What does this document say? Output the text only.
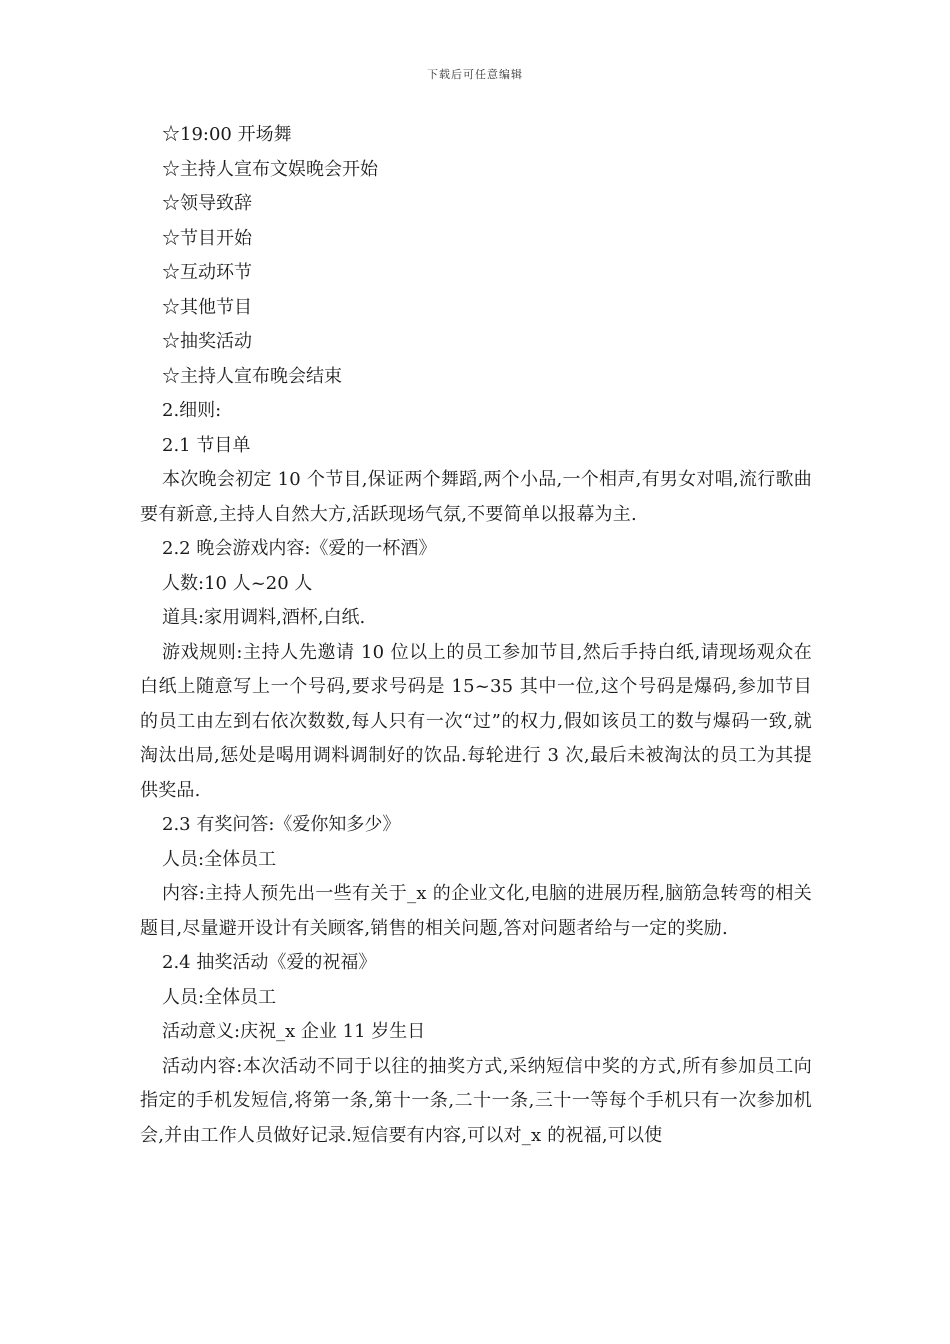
下载后可任意编辑
☆19:00 开场舞
☆主持人宣布文娱晚会开始
☆领导致辞
☆节目开始
☆互动环节
☆其他节目
☆抽奖活动
☆主持人宣布晚会结束
2.细则:
2.1 节目单
本次晚会初定 10 个节目,保证两个舞蹈,两个小品,一个相声,有男女对唱,流行歌曲要有新意,主持人自然大方,活跃现场气氛,不要简单以报幕为主.
2.2 晚会游戏内容:《爱的一杯酒》
人数:10 人~20 人
道具:家用调料,酒杯,白纸.
游戏规则:主持人先邀请 10 位以上的员工参加节目,然后手持白纸,请现场观众在白纸上随意写上一个号码,要求号码是 15~35 其中一位,这个号码是爆码,参加节目的员工由左到右依次数数,每人只有一次“过”的权力,假如该员工的数与爆码一致,就淘汰出局,惩处是喝用调料调制好的饮品.每轮进行 3 次,最后未被淘汰的员工为其提供奖品.
2.3 有奖问答:《爱你知多少》
人员:全体员工
内容:主持人预先出一些有关于_x 的企业文化,电脑的进展历程,脑筋急转弯的相关题目,尽量避开设计有关顾客,销售的相关问题,答对问题者给与一定的奖励.
2.4 抽奖活动《爱的祝福》
人员:全体员工
活动意义:庆祝_x 企业 11 岁生日
活动内容:本次活动不同于以往的抽奖方式,采纳短信中奖的方式,所有参加员工向指定的手机发短信,将第一条,第十一条,二十一条,三十一等每个手机只有一次参加机会,并由工作人员做好记录.短信要有内容,可以对_x 的祝福,可以使
